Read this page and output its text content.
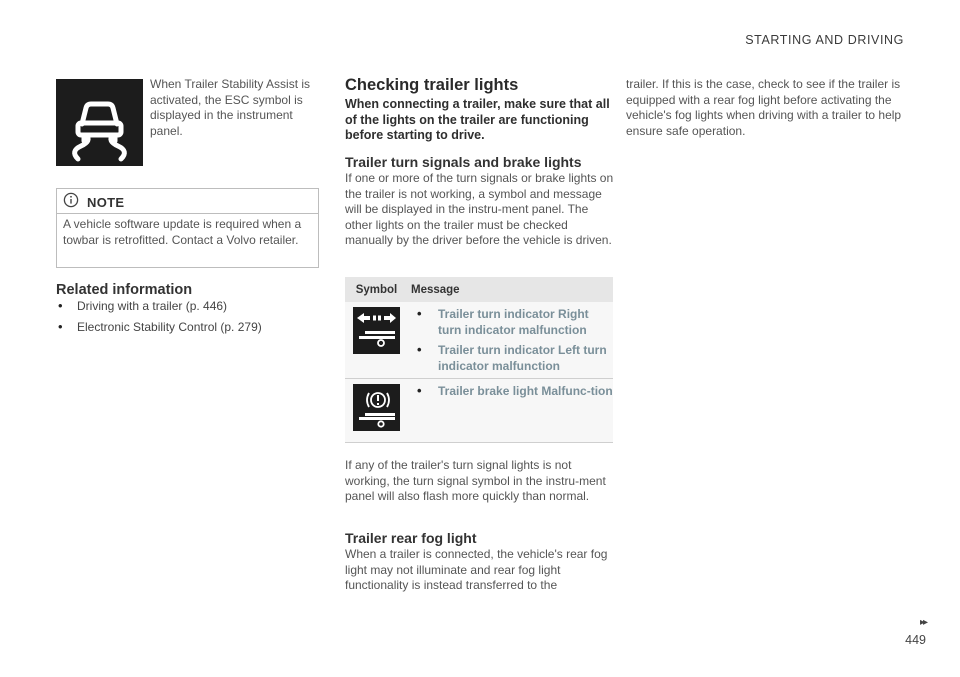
STARTING AND DRIVING
When Trailer Stability Assist is activated, the ESC symbol is displayed in the instrument panel.
NOTE
A vehicle software update is required when a towbar is retrofitted. Contact a Volvo retailer.
Related information
• Driving with a trailer (p. 446)
• Electronic Stability Control (p. 279)
Checking trailer lights
When connecting a trailer, make sure that all of the lights on the trailer are functioning before starting to drive.
Trailer turn signals and brake lights
If one or more of the turn signals or brake lights on the trailer is not working, a symbol and message will be displayed in the instru-ment panel. The other lights on the trailer must be checked manually by the driver before the vehicle is driven.
Symbol	Message
• Trailer turn indicator Right turn indicator malfunction
• Trailer turn indicator Left turn indicator malfunction
• Trailer brake light Malfunc-tion
If any of the trailer's turn signal lights is not working, the turn signal symbol in the instru-ment panel will also flash more quickly than normal.
Trailer rear fog light
When a trailer is connected, the vehicle's rear fog light may not illuminate and rear fog light functionality is instead transferred to the
trailer. If this is the case, check to see if the trailer is equipped with a rear fog light before activating the vehicle's fog lights when driving with a trailer to help ensure safe operation.
▸▸
449
